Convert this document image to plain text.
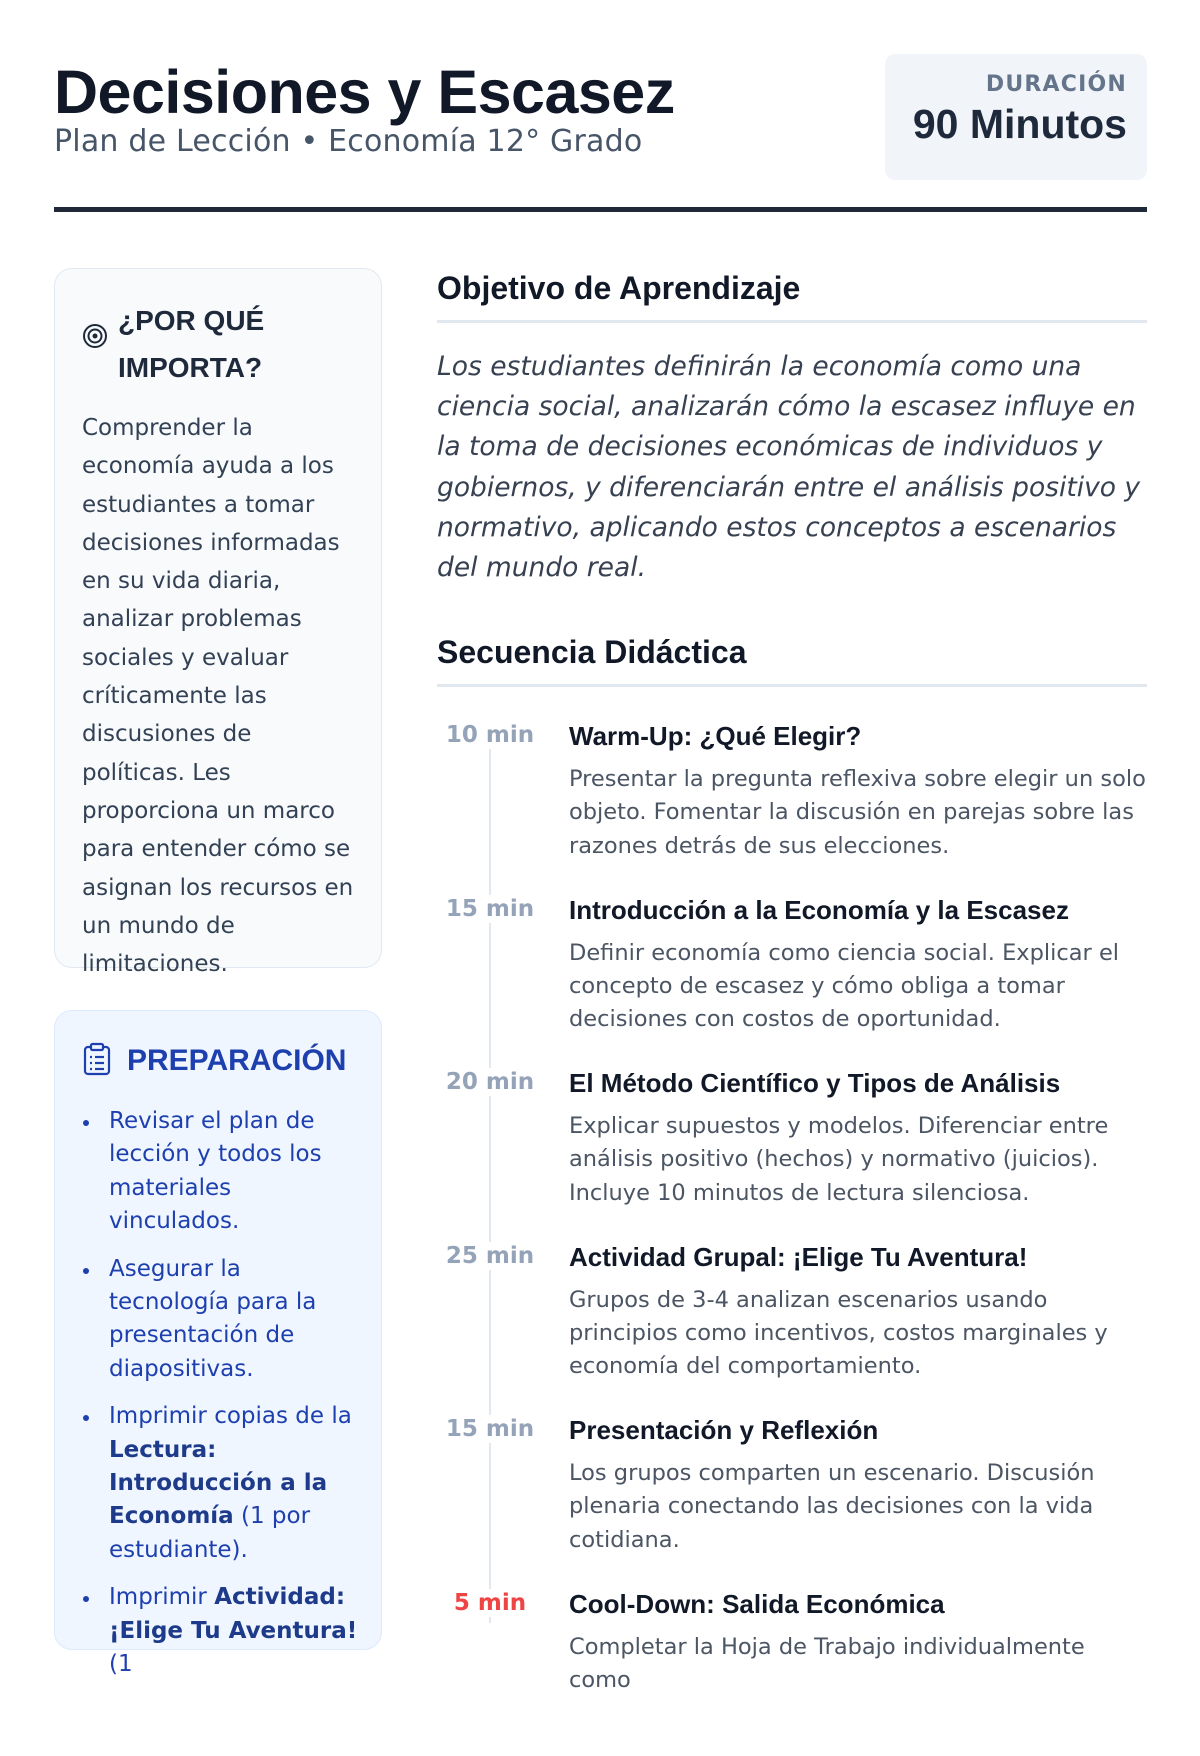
Decisiones y Escasez
Plan de Lección • Economía 12° Grado
DURACIÓN
90 Minutos
¿POR QUÉ IMPORTA?
Comprender la economía ayuda a los estudiantes a tomar decisiones informadas en su vida diaria, analizar problemas sociales y evaluar críticamente las discusiones de políticas. Les proporciona un marco para entender cómo se asignan los recursos en un mundo de limitaciones.
PREPARACIÓN
Revisar el plan de lección y todos los materiales vinculados.
Asegurar la tecnología para la presentación de diapositivas.
Imprimir copias de la Lectura: Introducción a la Economía (1 por estudiante).
Imprimir Actividad: ¡Elige Tu Aventura! (1
Objetivo de Aprendizaje

Los estudiantes definirán la economía como una ciencia social, analizarán cómo la escasez influye en la toma de decisiones económicas de individuos y gobiernos, y diferenciarán entre el análisis positivo y normativo, aplicando estos conceptos a escenarios del mundo real.

Secuencia Didáctica
10 min	Warm-Up: ¿Qué Elegir?
Presentar la pregunta reflexiva sobre elegir un solo objeto. Fomentar la discusión en parejas sobre las razones detrás de sus elecciones.
15 min	Introducción a la Economía y la Escasez
Definir economía como ciencia social. Explicar el concepto de escasez y cómo obliga a tomar decisiones con costos de oportunidad.
20 min	El Método Científico y Tipos de Análisis
Explicar supuestos y modelos. Diferenciar entre análisis positivo (hechos) y normativo (juicios). Incluye 10 minutos de lectura silenciosa.
25 min	Actividad Grupal: ¡Elige Tu Aventura!
Grupos de 3-4 analizan escenarios usando principios como incentivos, costos marginales y economía del comportamiento.
15 min	Presentación y Reflexión
Los grupos comparten un escenario. Discusión plenaria conectando las decisiones con la vida cotidiana.
5 min	Cool-Down: Salida Económica
Completar la Hoja de Trabajo individualmente como
